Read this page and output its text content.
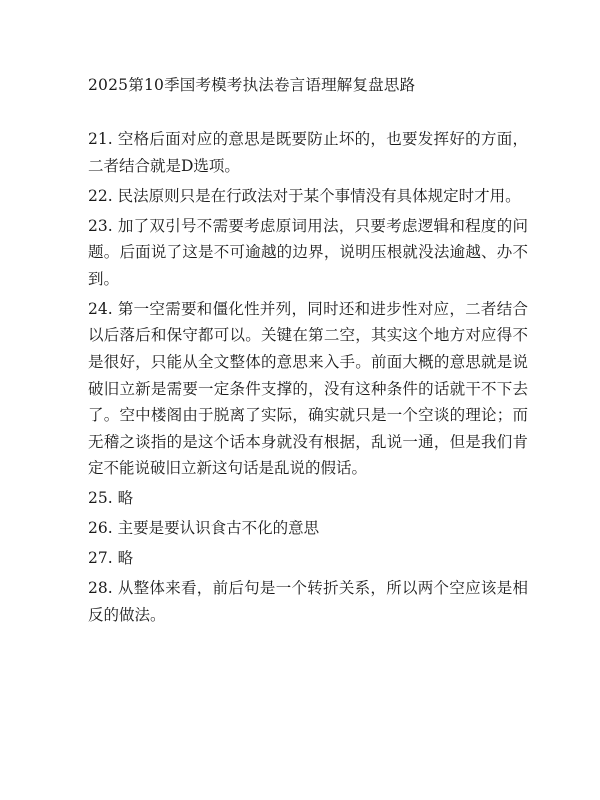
2025第10季国考模考执法卷言语理解复盘思路

21. 空格后面对应的意思是既要防止坏的，也要发挥好的方面，二者结合就是D选项。

22. 民法原则只是在行政法对于某个事情没有具体规定时才用。

23. 加了双引号不需要考虑原词用法，只要考虑逻辑和程度的问题。后面说了这是不可逾越的边界，说明压根就没法逾越、办不到。

24. 第一空需要和僵化性并列，同时还和进步性对应，二者结合以后落后和保守都可以。关键在第二空，其实这个地方对应得不是很好，只能从全文整体的意思来入手。前面大概的意思就是说破旧立新是需要一定条件支撑的，没有这种条件的话就干不下去了。空中楼阁由于脱离了实际，确实就只是一个空谈的理论；而无稽之谈指的是这个话本身就没有根据，乱说一通，但是我们肯定不能说破旧立新这句话是乱说的假话。

25. 略

26. 主要是要认识食古不化的意思

27. 略

28. 从整体来看，前后句是一个转折关系，所以两个空应该是相反的做法。
